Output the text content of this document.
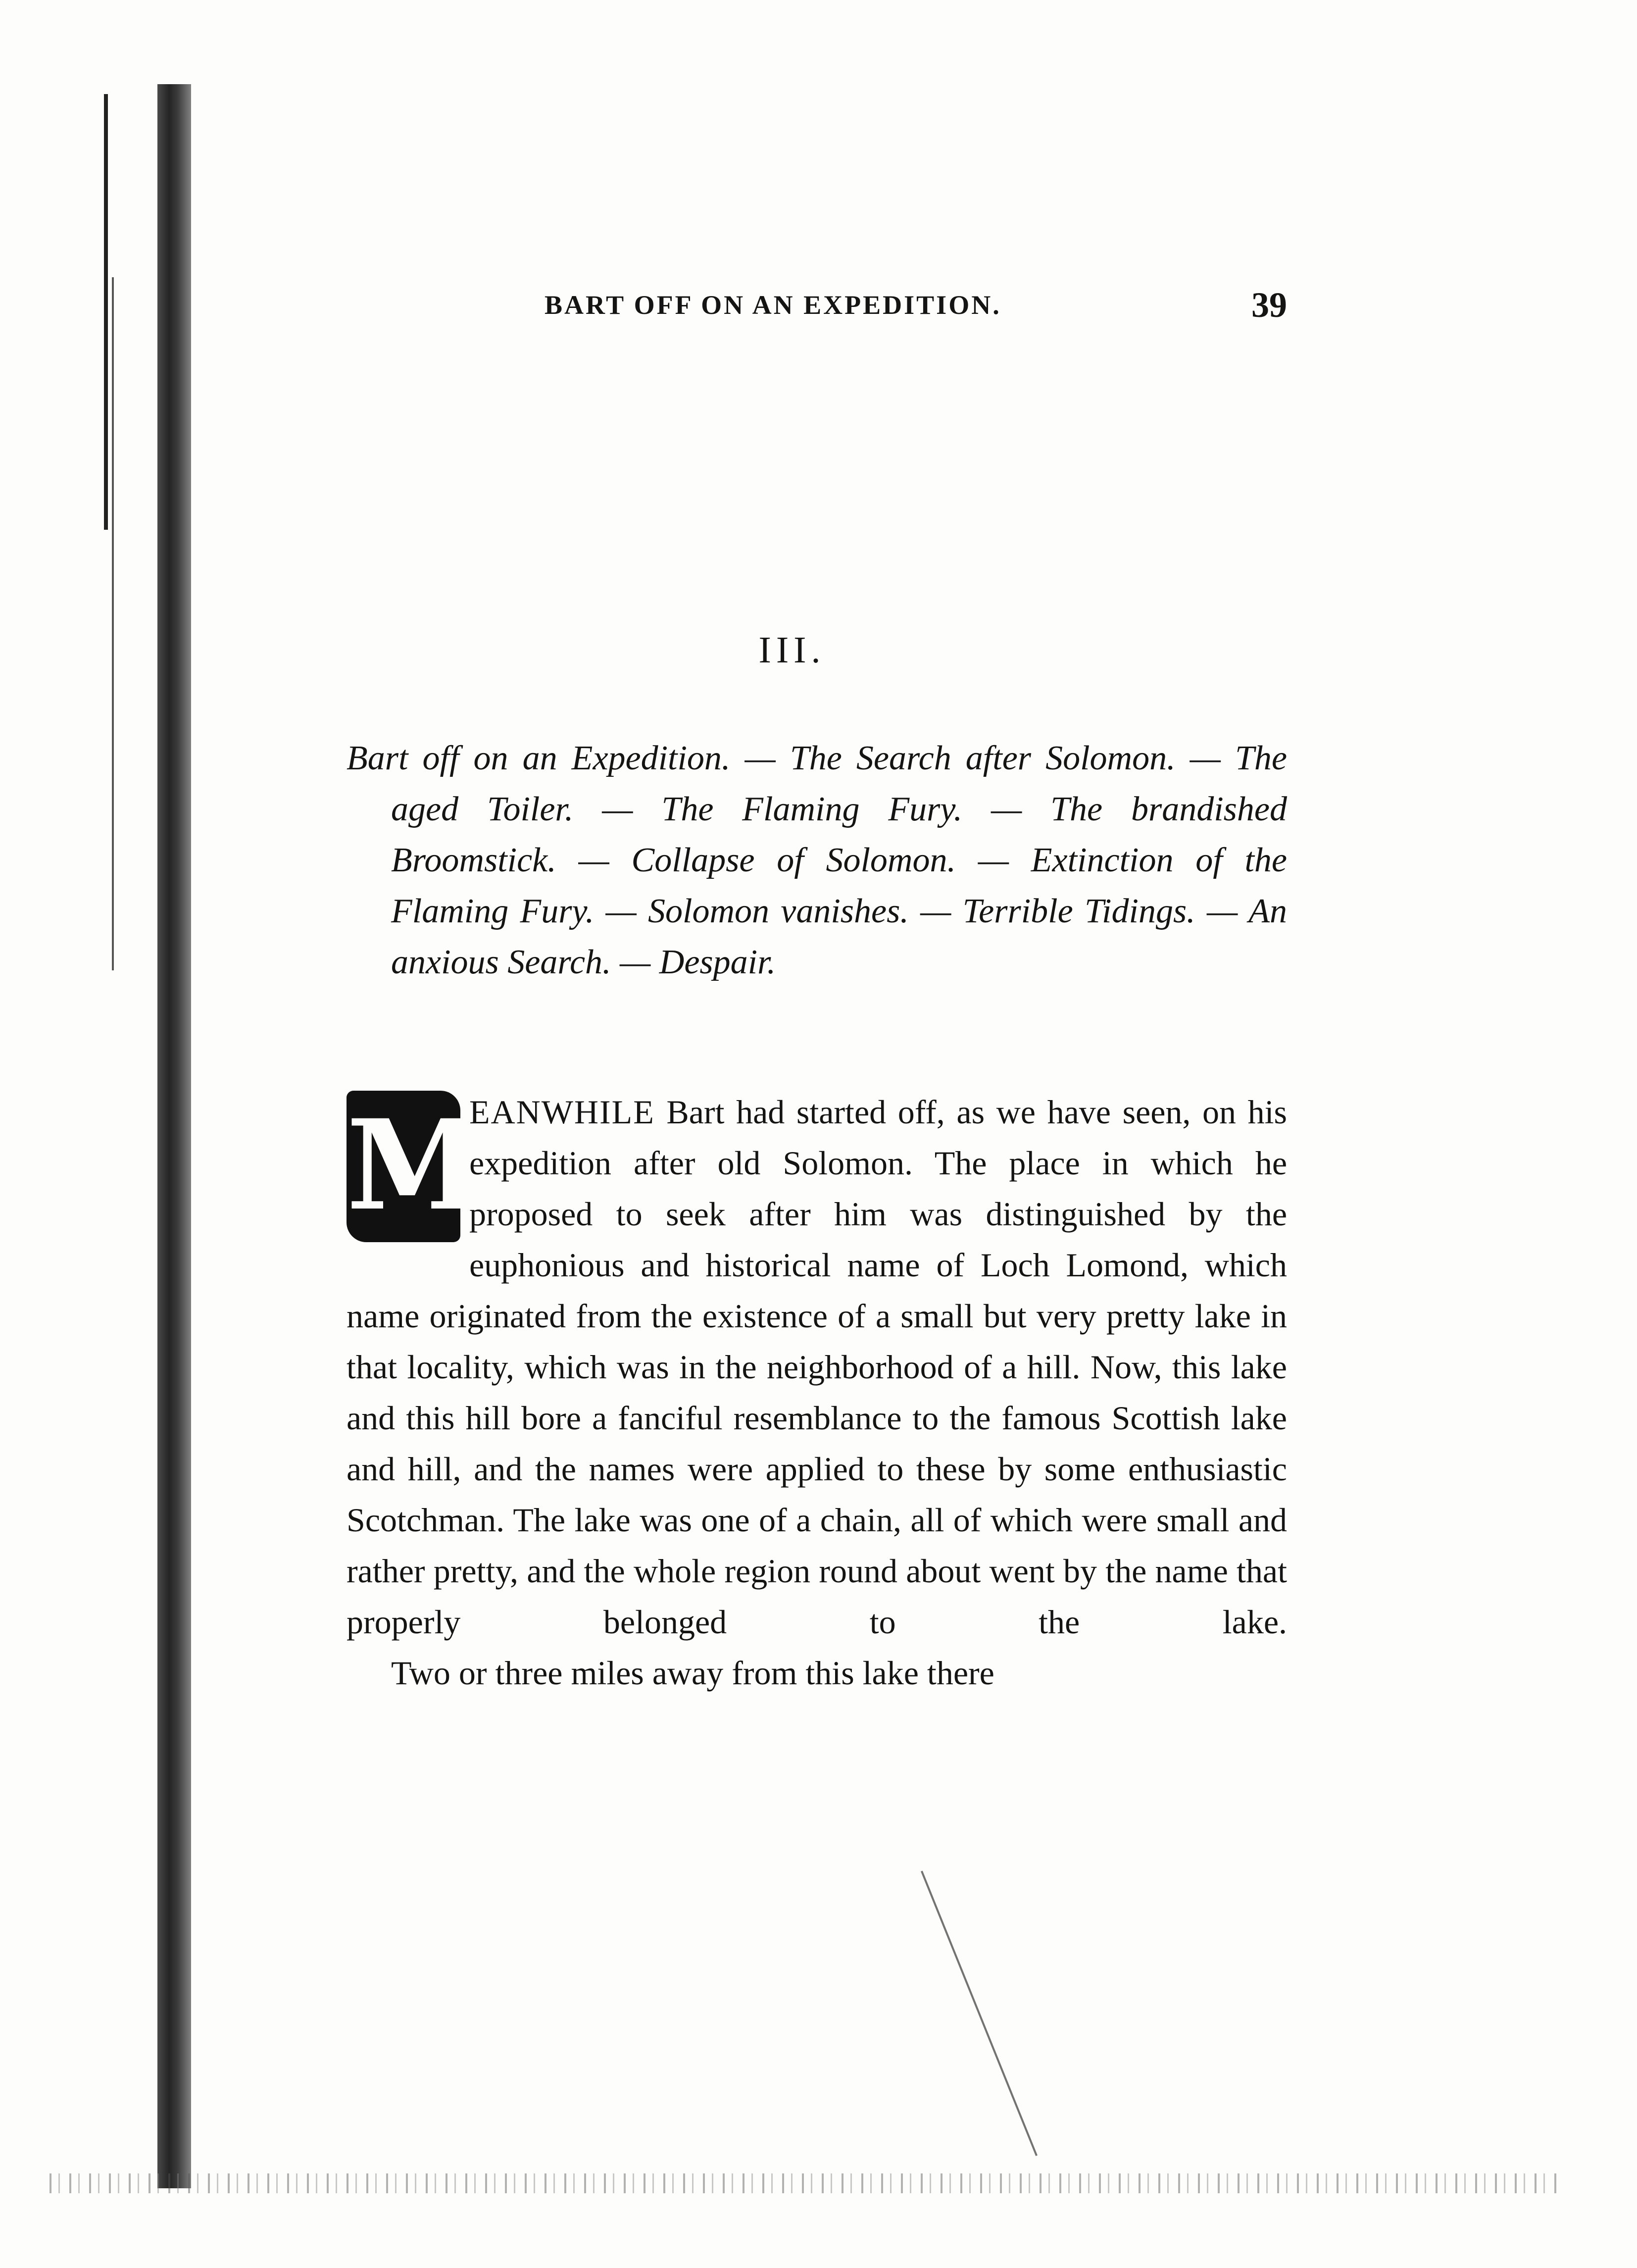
BART OFF ON AN EXPEDITION.	39
III.
Bart off on an Expedition. — The Search after Solomon. — The aged Toiler. — The Flaming Fury. — The brandished Broomstick. — Collapse of Solomon. — Extinction of the Flaming Fury. — Solomon vanishes. — Terrible Tidings. — An anxious Search. — Despair.

M
EANWHILE Bart had started off, as we have seen, on his expedition after old Solomon. The place in which he proposed to seek after him was distinguished by the euphonious and historical name of Loch Lomond, which name originated from the existence of a small but very pretty lake in that locality, which was in the neighborhood of a hill. Now, this lake and this hill bore a fanciful resemblance to the famous Scottish lake and hill, and the names were applied to these by some enthusiastic Scotchman. The lake was one of a chain, all of which were small and rather pretty, and the whole region round about went by the name that properly belonged to the lake.

Two or three miles away from this lake there
